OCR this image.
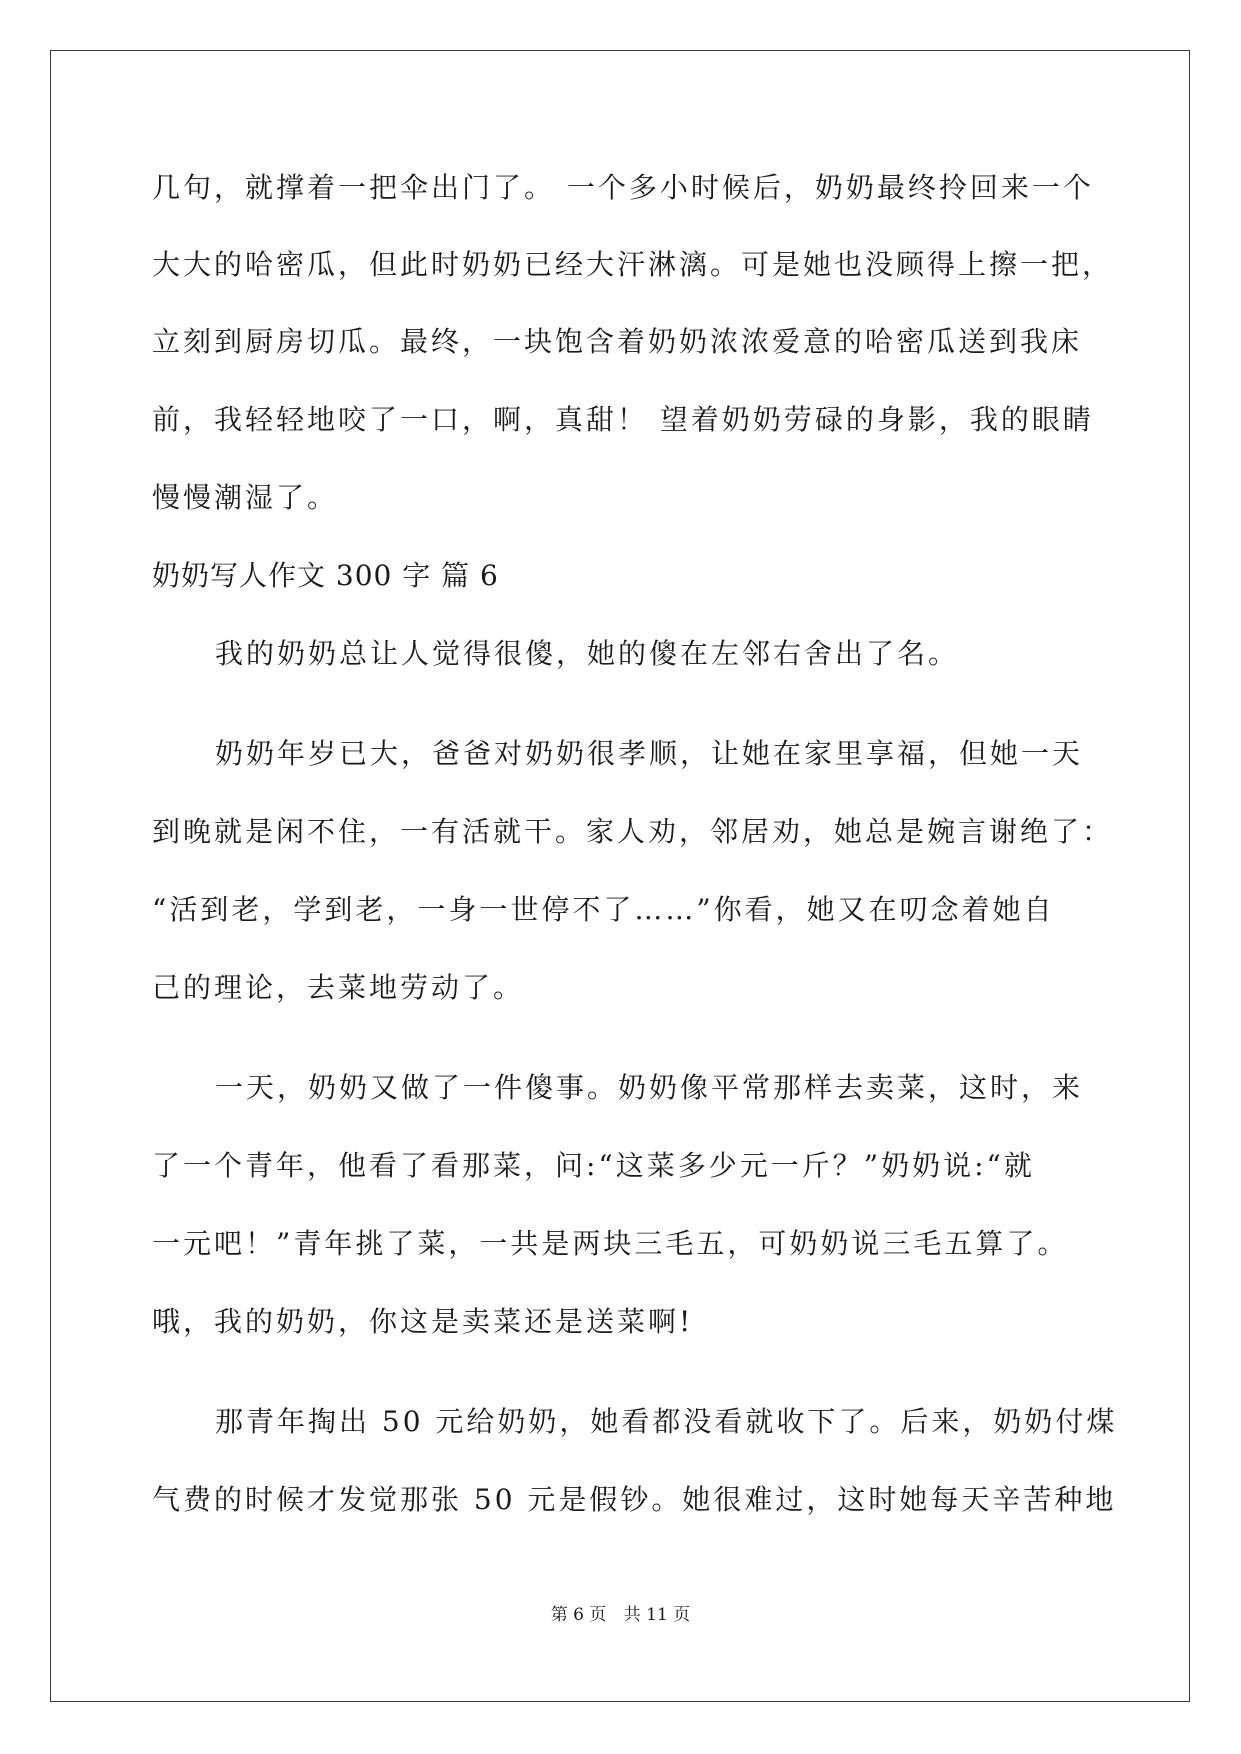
几句，就撑着一把伞出门了。 一个多小时候后，奶奶最终拎回来一个

大大的哈密瓜，但此时奶奶已经大汗淋漓。可是她也没顾得上擦一把，

立刻到厨房切瓜。最终，一块饱含着奶奶浓浓爱意的哈密瓜送到我床

前，我轻轻地咬了一口，啊，真甜！ 望着奶奶劳碌的身影，我的眼睛

慢慢潮湿了。

奶奶写人作文 300 字 篇 6

我的奶奶总让人觉得很傻，她的傻在左邻右舍出了名。

奶奶年岁已大，爸爸对奶奶很孝顺，让她在家里享福，但她一天

到晚就是闲不住，一有活就干。家人劝，邻居劝，她总是婉言谢绝了：

“活到老，学到老，一身一世停不了……”你看，她又在叨念着她自

己的理论，去菜地劳动了。

一天，奶奶又做了一件傻事。奶奶像平常那样去卖菜，这时，来

了一个青年，他看了看那菜，问:“这菜多少元一斤？”奶奶说:“就

一元吧！”青年挑了菜，一共是两块三毛五，可奶奶说三毛五算了。

哦，我的奶奶，你这是卖菜还是送菜啊!

那青年掏出 50 元给奶奶，她看都没看就收下了。后来，奶奶付煤

气费的时候才发觉那张 50 元是假钞。她很难过，这时她每天辛苦种地

第 6 页 共 11 页
